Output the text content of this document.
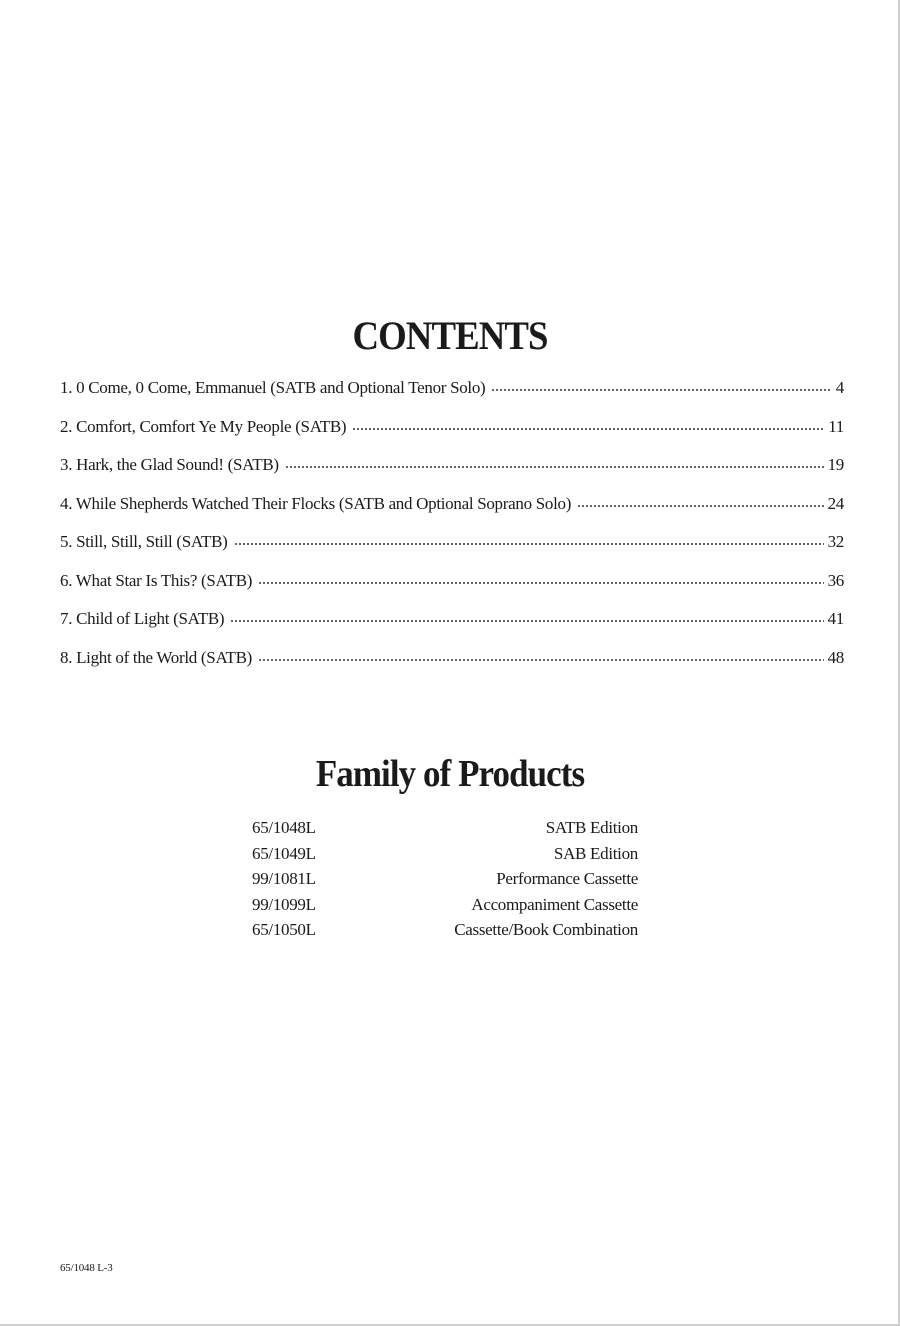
CONTENTS
1. 0 Come, 0 Come, Emmanuel (SATB and Optional Tenor Solo)	4
2. Comfort, Comfort Ye My People (SATB)	11
3. Hark, the Glad Sound! (SATB)	19
4. While Shepherds Watched Their Flocks (SATB and Optional Soprano Solo)	24
5. Still, Still, Still (SATB)	32
6. What Star Is This? (SATB)	36
7. Child of Light (SATB)	41
8. Light of the World (SATB)	48
Family of Products
65/1048L	SATB Edition
65/1049L	SAB Edition
99/1081L	Performance Cassette
99/1099L	Accompaniment Cassette
65/1050L	Cassette/Book Combination
65/1048 L-3
